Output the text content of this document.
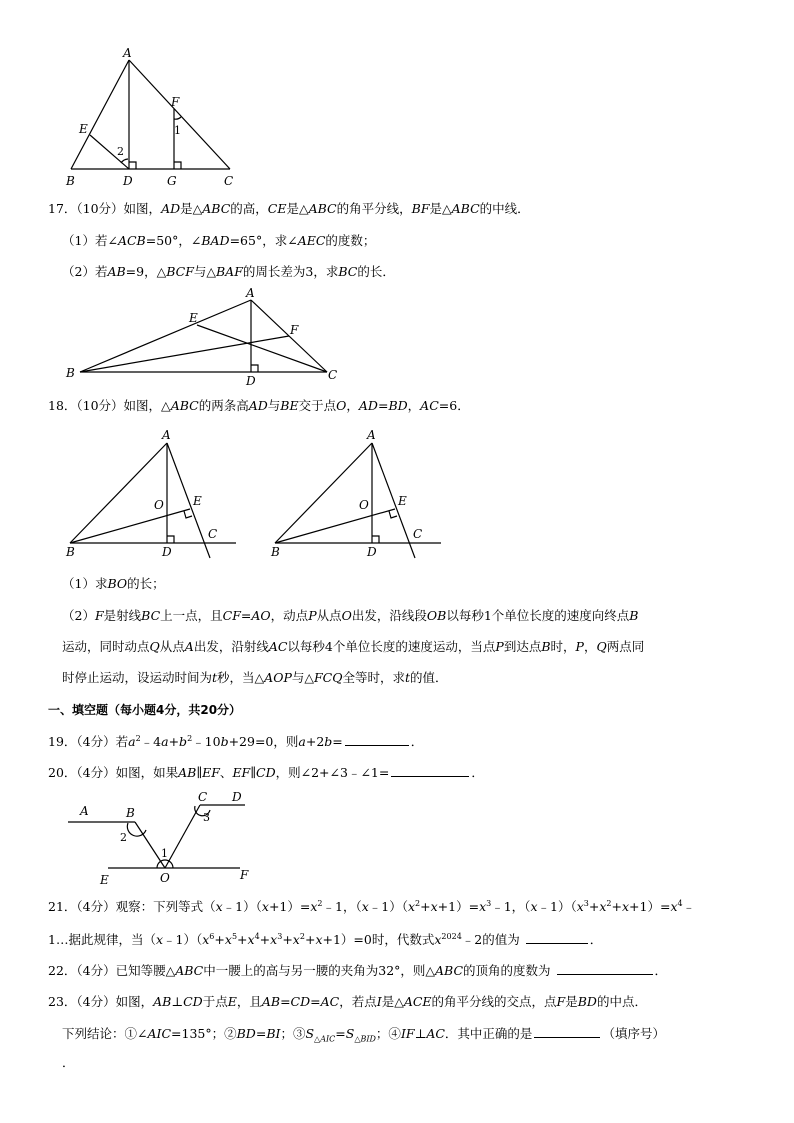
A
E
F
1
2
B	D	G	C
17．（10分）如图，AD是△ABC的高，CE是△ABC的角平分线，BF是△ABC的中线．
（1）若∠ACB=50°，∠BAD=65°，求∠AEC的度数；
（2）若AB=9，△BCF与△BAF的周长差为3，求BC的长．
A
E
F
B
D	C
18．（10分）如图，△ABC的两条高AD与BE交于点O，AD=BD，AC=6．
A
O E
C
B	D
A
O E
C
B	D
（1）求BO的长；
（2）F是射线BC上一点，且CF=AO，动点P从点O出发，沿线段OB以每秒1个单位长度的速度向终点B
运动，同时动点Q从点A出发，沿射线AC以每秒4个单位长度的速度运动，当点P到达点B时，P，Q两点同
时停止运动，设运动时间为t秒，当△AOP与△FCQ全等时，求t的值．
一、填空题（每小题4分，共20分）
19．（4分）若$a^2﹣4a+b^2﹣10b+29=0$，则a+2b=	．
20．（4分）如图，如果AB∥EF、EF∥CD，则∠2+∠3﹣∠1=	．
A	B
2
C D
3
1
E	O	F
21．（4分）观察：下列等式$(x﹣1)(x+1)=x^2﹣1$，$(x﹣1)(x^2+x+1)=x^3﹣1$，$(x﹣1)(x^3+x^2+x+1)=x^4﹣$
1…据此规律，当$(x﹣1)(x^6+x^5+x^4+x^3+x^2+x+1)=0$时，代数式$x^{2024}﹣2$的值为	．
22．（4分）已知等腰△ABC中一腰上的高与另一腰的夹角为32°，则△ABC的顶角的度数为	．
23．（4分）如图，AB⊥CD于点E，且AB=CD=AC，若点I是△ACE的角平分线的交点，点F是BD的中点．
下列结论：①∠AIC=135°；②BD=BI；$③S_{\triangle AIC}=S_{\triangle BID}$；④IF⊥AC．其中正确的是	（填序号）
．
